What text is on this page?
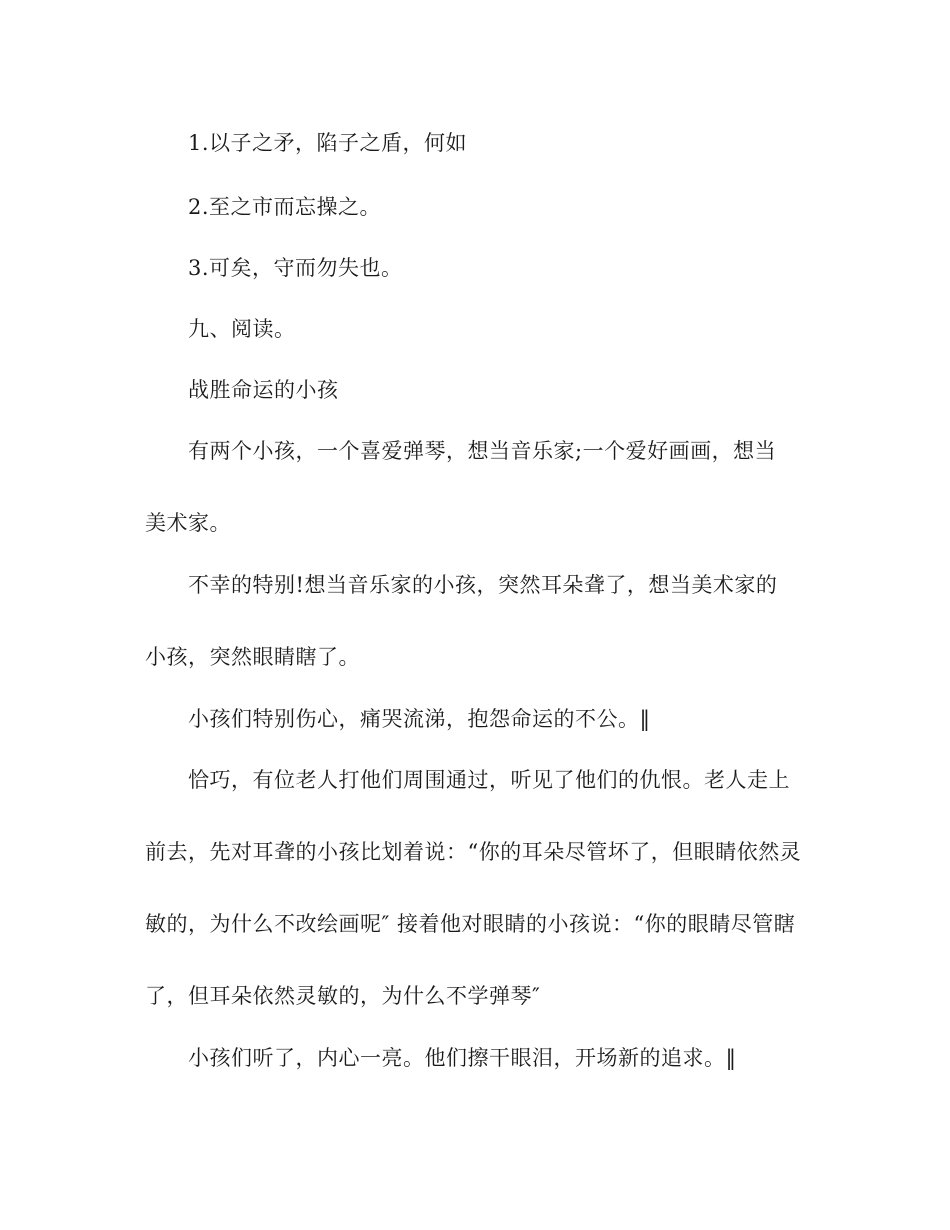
1.以子之矛，陷子之盾，何如
2.至之市而忘操之。
3.可矣，守而勿失也。
九、阅读。
战胜命运的小孩
有两个小孩，一个喜爱弹琴，想当音乐家;一个爱好画画，想当
美术家。
不幸的特别!想当音乐家的小孩，突然耳朵聋了，想当美术家的
小孩，突然眼睛瞎了。
小孩们特别伤心，痛哭流涕，抱怨命运的不公。‖
恰巧，有位老人打他们周围通过，听见了他们的仇恨。老人走上
前去，先对耳聋的小孩比划着说：“你的耳朵尽管坏了，但眼睛依然灵
敏的，为什么不改绘画呢″ 接着他对眼睛的小孩说：“你的眼睛尽管瞎
了，但耳朵依然灵敏的，为什么不学弹琴″
小孩们听了，内心一亮。他们擦干眼泪，开场新的追求。‖
